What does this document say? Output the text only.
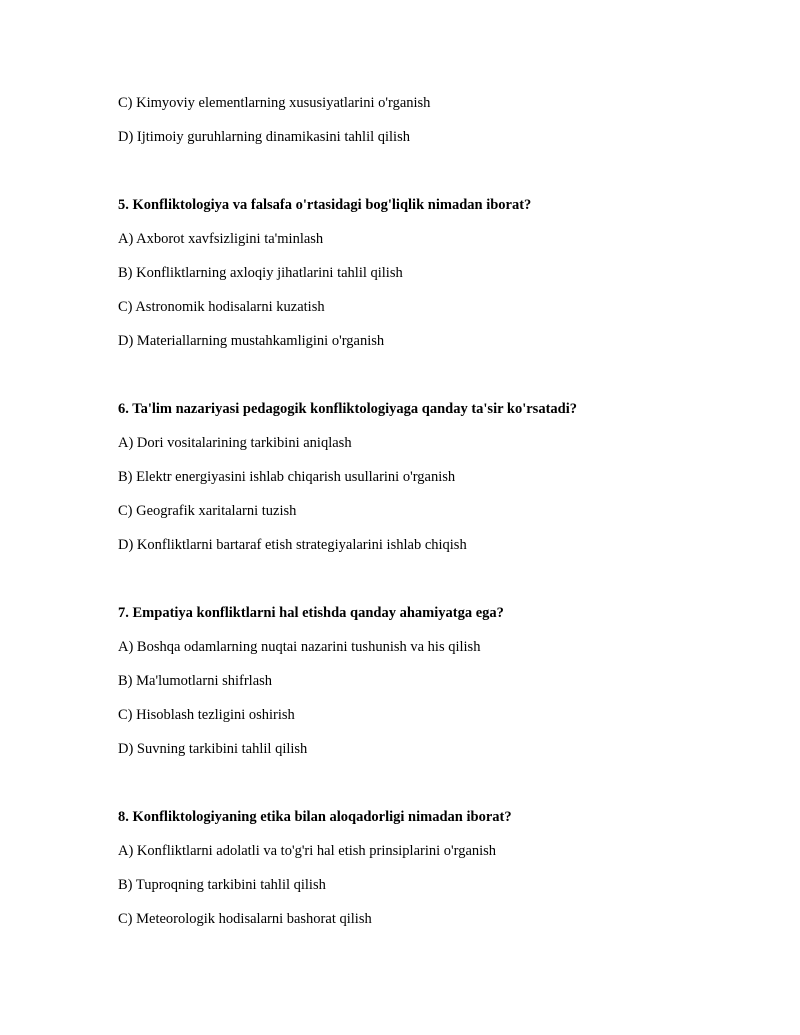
C) Kimyoviy elementlarning xususiyatlarini o'rganish
D) Ijtimoiy guruhlarning dinamikasini tahlil qilish
5. Konfliktologiya va falsafa o'rtasidagi bog'liqlik nimadan iborat?
A) Axborot xavfsizligini ta'minlash
B) Konfliktlarning axloqiy jihatlarini tahlil qilish
C) Astronomik hodisalarni kuzatish
D) Materiallarning mustahkamligini o'rganish
6. Ta'lim nazariyasi pedagogik konfliktologiyaga qanday ta'sir ko'rsatadi?
A) Dori vositalarining tarkibini aniqlash
B) Elektr energiyasini ishlab chiqarish usullarini o'rganish
C) Geografik xaritalarni tuzish
D) Konfliktlarni bartaraf etish strategiyalarini ishlab chiqish
7. Empatiya konfliktlarni hal etishda qanday ahamiyatga ega?
A) Boshqa odamlarning nuqtai nazarini tushunish va his qilish
B) Ma'lumotlarni shifrlash
C) Hisoblash tezligini oshirish
D) Suvning tarkibini tahlil qilish
8. Konfliktologiyaning etika bilan aloqadorligi nimadan iborat?
A) Konfliktlarni adolatli va to'g'ri hal etish prinsiplarini o'rganish
B) Tuproqning tarkibini tahlil qilish
C) Meteorologik hodisalarni bashorat qilish
